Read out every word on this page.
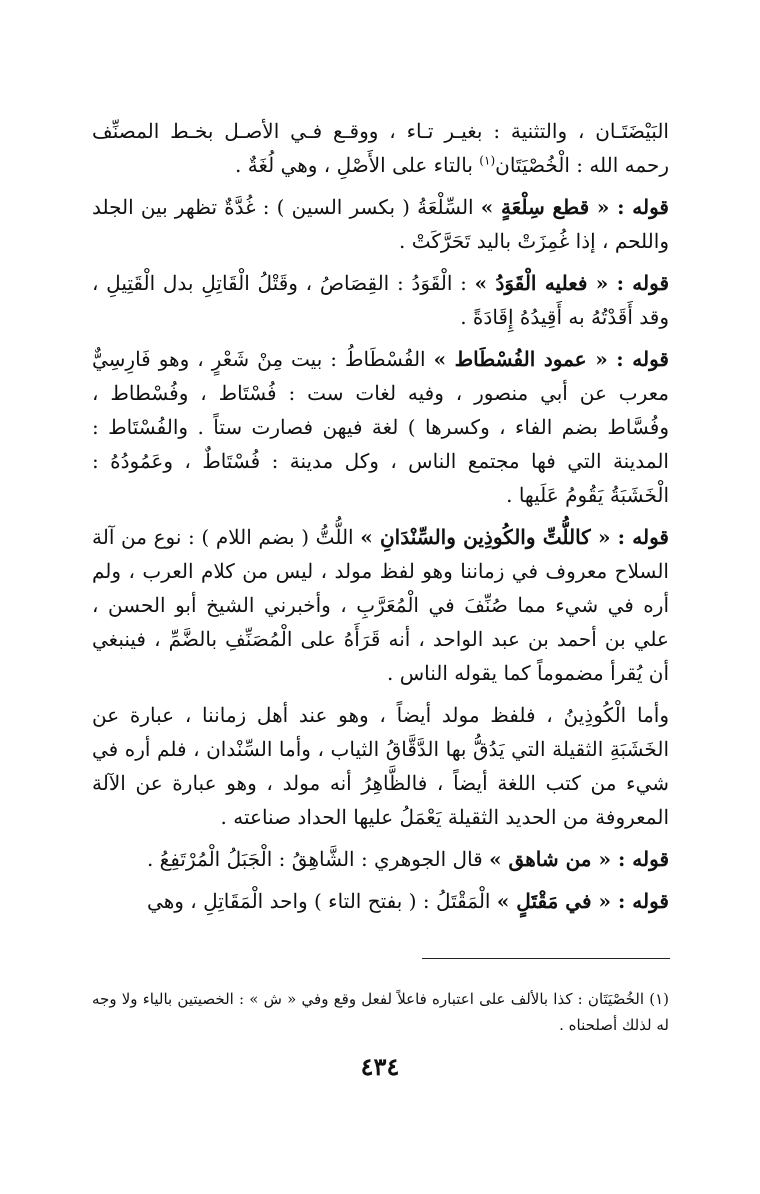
البَيْضَتَـان ، والتثنية : بغيـر تـاء ، ووقـع فـي الأصـل بخـط المصنِّف رحمه الله : الْخُصْيَتَان$^{(١)}$ بالتاء على الأَصْلِ ، وهي لُغَةٌ .

قوله : « قطع سِلْعَةٍ » السِّلْعَةُ ( بكسر السين ) : غُدَّةٌ تظهر بين الجلد واللحم ، إذا غُمِزَتْ باليد تَحَرَّكَتْ .

قوله : « فعليه الْقَوَدُ » : الْقَوَدُ : القِصَاصُ ، وقَتْلُ الْقَاتِلِ بدل الْقَتِيلِ ، وقد أَقَدْتُهُ به أَقِيدُهُ إِقَادَةً .

قوله : « عمود الفُسْطَاط » الفُسْطَاطُ : بيت مِنْ شَعْرٍ ، وهو فَارِسِيٌّ معرب عن أبي منصور ، وفيه لغات ست : فُسْتَاط ، وفُسْطاط ، وفُسَّاط بضم الفاء ، وكسرها ) لغة فيهن فصارت ستاً . والفُسْتَاط : المدينة التي فها مجتمع الناس ، وكل مدينة : فُسْتَاطٌ ، وعَمُودُهُ : الْخَشَبَةُ يَقُومُ عَلَيها .

قوله : « كاللُّتِّ والكُوذِين والسِّنْدَانِ » اللُّتُّ ( بضم اللام ) : نوع من آلة السلاح معروف في زماننا وهو لفظ مولد ، ليس من كلام العرب ، ولم أره في شيء مما صُنِّفَ في الْمُعَرَّبِ ، وأخبرني الشيخ أبو الحسن ، علي بن أحمد بن عبد الواحد ، أنه قَرَأَهُ على الْمُصَنِّفِ بالضَّمِّ ، فينبغي أن يُقرأ مضموماً كما يقوله الناس .

وأما الْكُوذِينُ ، فلفظ مولد أيضاً ، وهو عند أهل زماننا ، عبارة عن الخَشَبَةِ الثقيلة التي يَدُقُّ بها الدَّقَّاقُ الثياب ، وأما السِّنْدان ، فلم أره في شيء من كتب اللغة أيضاً ، فالظَّاهِرُ أنه مولد ، وهو عبارة عن الآلة المعروفة من الحديد الثقيلة يَعْمَلُ عليها الحداد صناعته .

قوله : « من شاهق » قال الجوهري : الشَّاهِقُ : الْجَبَلُ الْمُرْتَفِعُ .

قوله : « في مَقْتَلٍ » الْمَقْتَلُ : ( بفتح التاء ) واحد الْمَقَاتِلِ ، وهي

(١) الخُصْيَتَان : كذا بالألف على اعتباره فاعلاً لفعل وقع وفي « ش » : الخصيتين بالياء ولا وجه له لذلك أصلحناه .

٤٣٤
